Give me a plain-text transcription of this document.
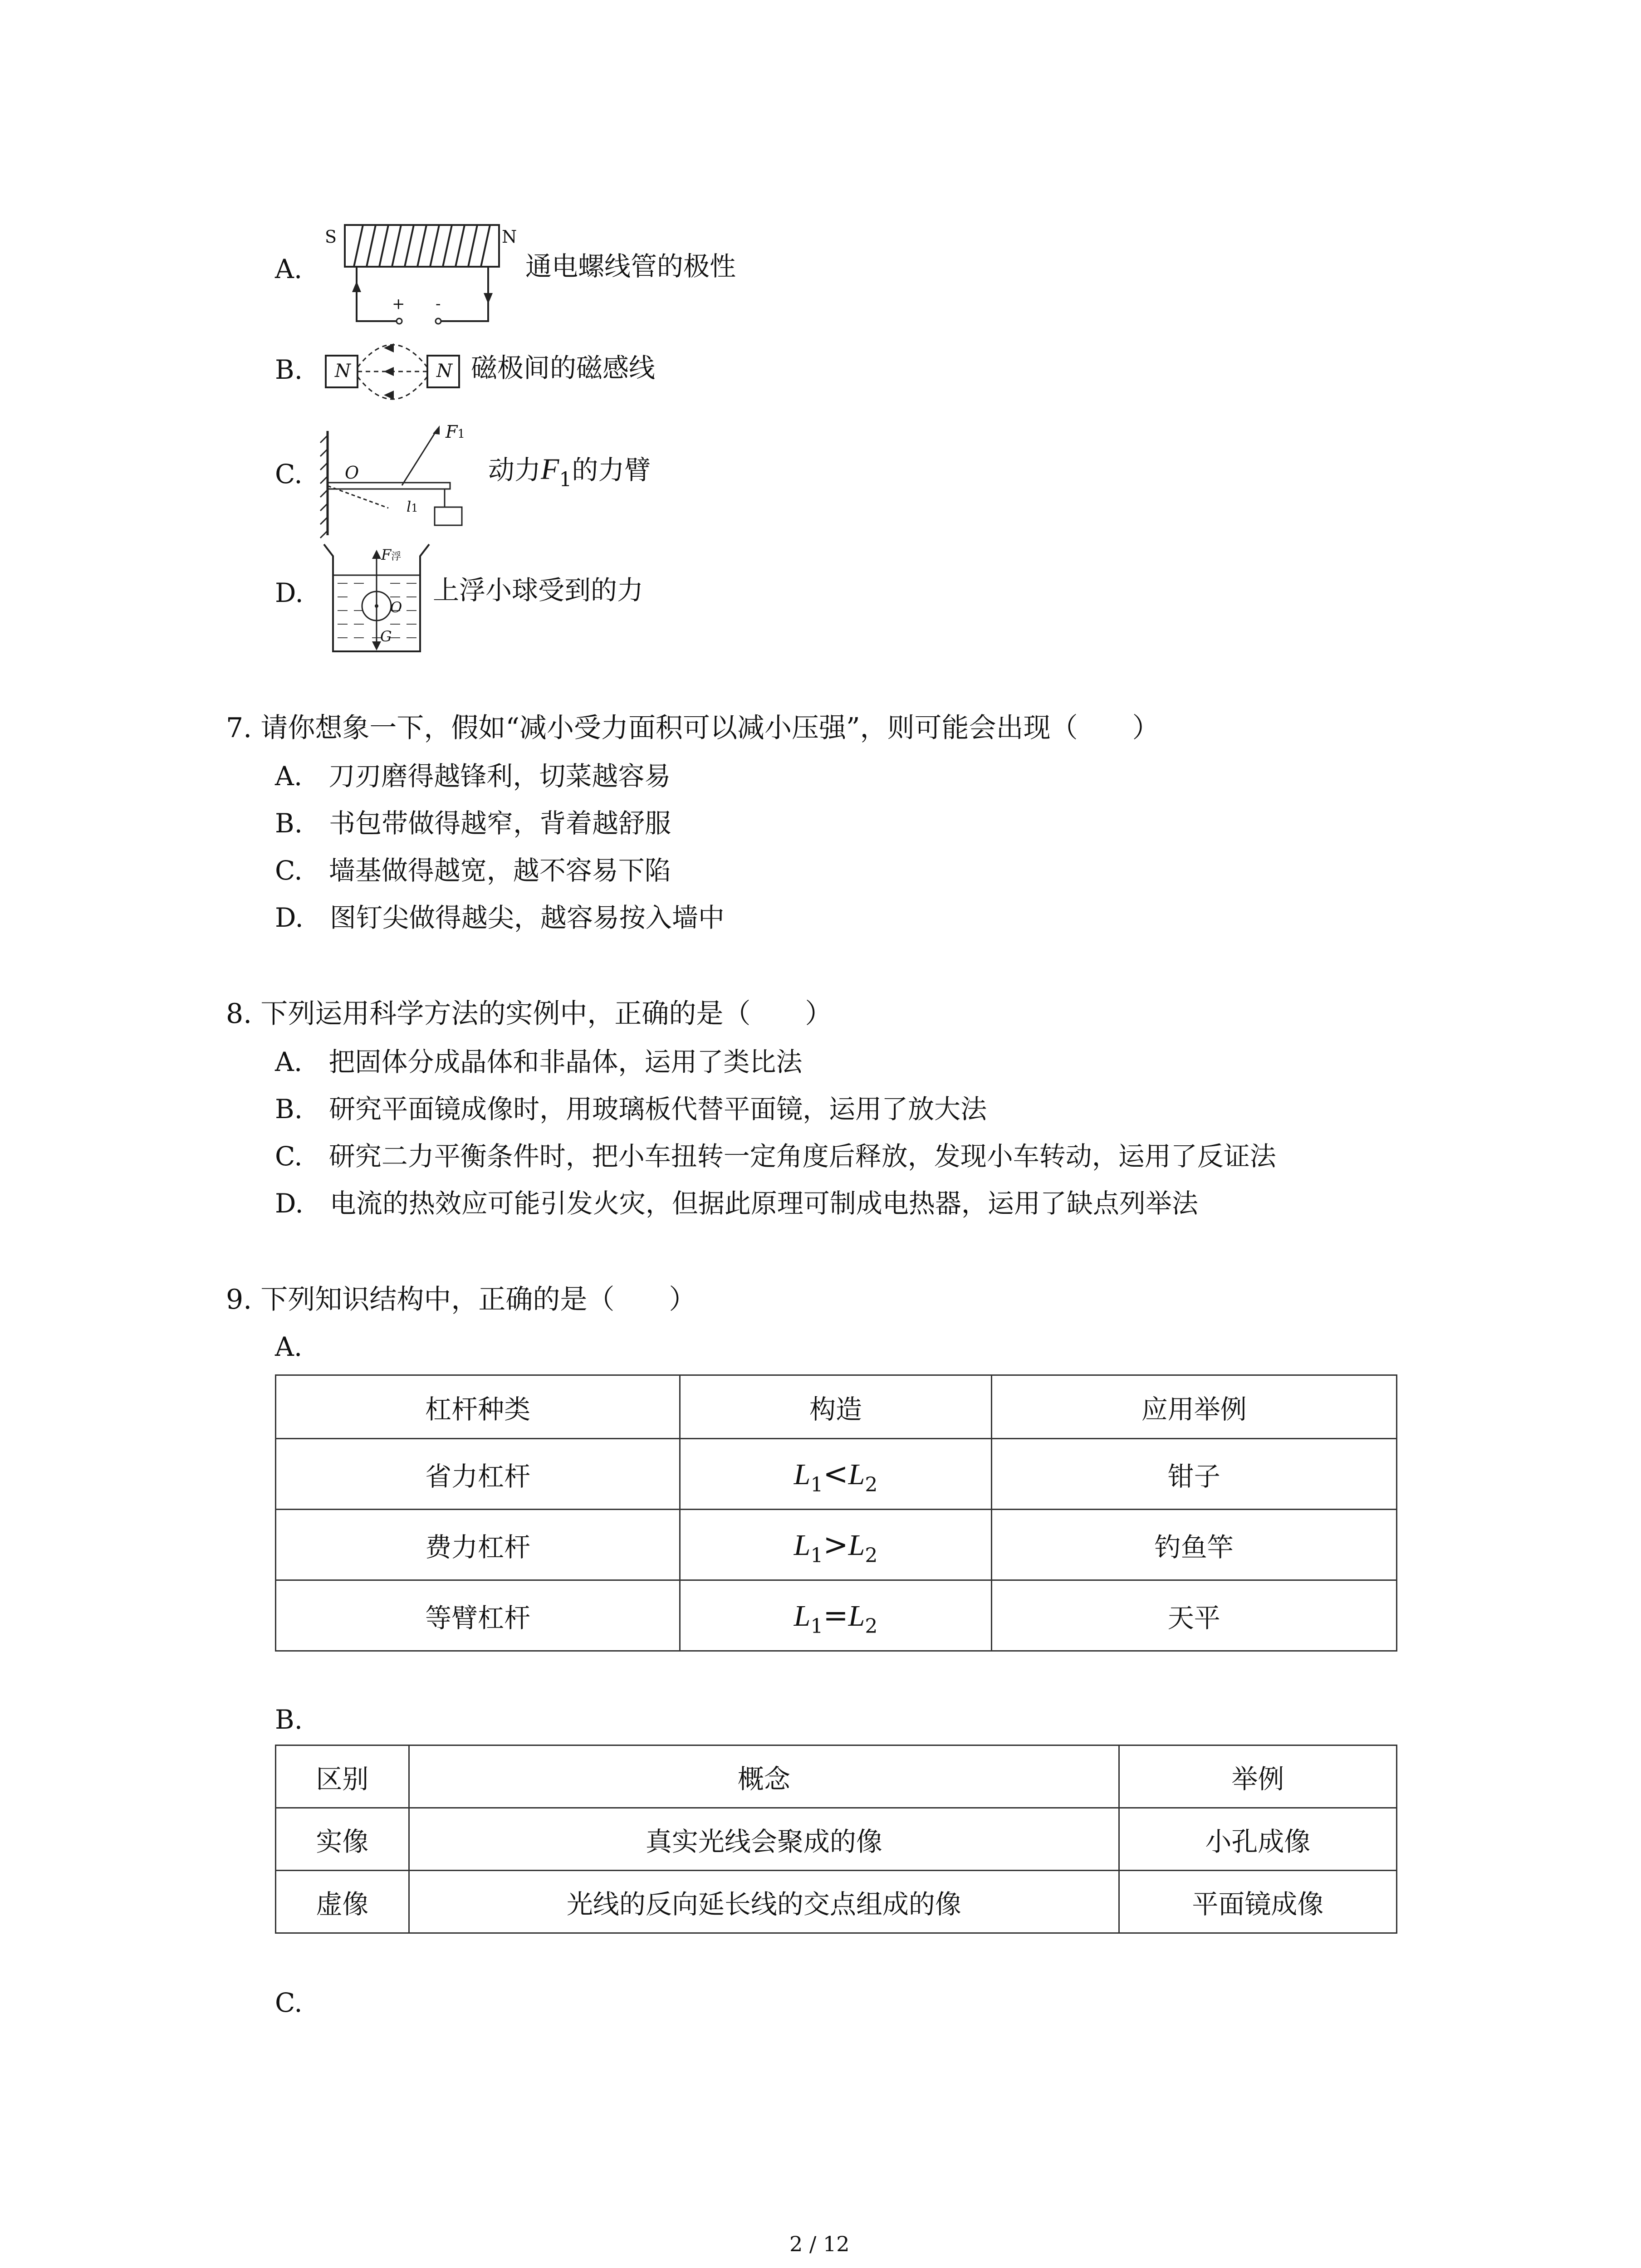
A.
S	N
+ -
通电螺线管的极性
B. N	N 磁极间的磁感线
C. O
F1
l1
动力$F_1$的力臂
D.
F浮
O
G
上浮小球受到的力
7. 请你想象一下，假如“减小受力面积可以减小压强”，则可能会出现（　　）
A.　 刀刃磨得越锋利，切菜越容易
B.　 书包带做得越窄，背着越舒服
C.　 墙基做得越宽，越不容易下陷
D.　 图钉尖做得越尖，越容易按入墙中
8. 下列运用科学方法的实例中，正确的是（　　）
A.　 把固体分成晶体和非晶体，运用了类比法
B.　 研究平面镜成像时，用玻璃板代替平面镜，运用了放大法
C.　 研究二力平衡条件时，把小车扭转一定角度后释放，发现小车转动，运用了反证法
D.　 电流的热效应可能引发火灾，但据此原理可制成电热器，运用了缺点列举法
9. 下列知识结构中，正确的是（　　）
A.
杠杆种类	构造	应用举例
省力杠杆	$L_1<L_2$	钳子
费力杠杆	$L_1>L_2$	钓鱼竿
等臂杠杆	$L_1=L_2$	天平
B.
区别	概念	举例
实像	真实光线会聚成的像	小孔成像
虚像	光线的反向延长线的交点组成的像	平面镜成像
C.
2 / 12
